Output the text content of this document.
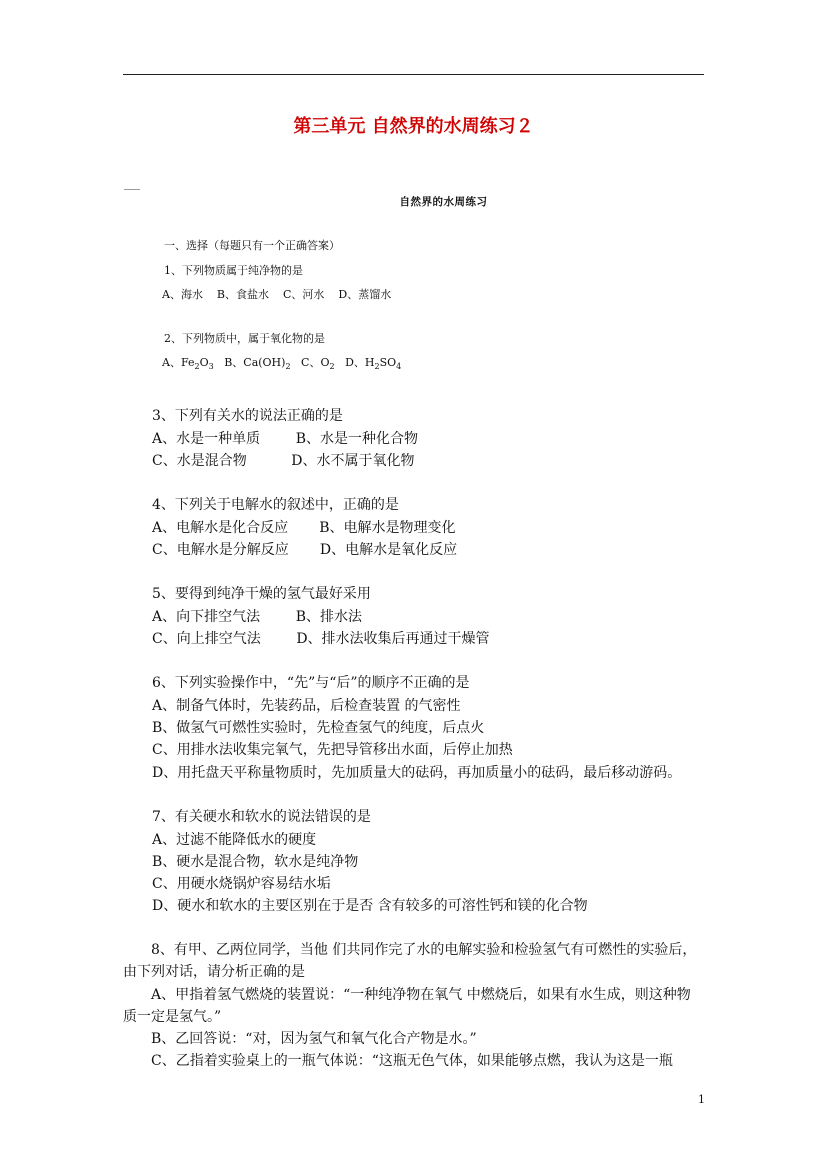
第三单元 自然界的水周练习２
自然界的水周练习
一、选择（每题只有一个正确答案）
1、下列物质属于纯净物的是
A、海水    B、食盐水    C、河水    D、蒸馏水
2、下列物质中，属于氧化物的是
A、$Fe_2O_3$   B、$Ca(OH)_2$   C、$O_2$   D、$H_2SO_4$
3、下列有关水的说法正确的是
A、水是一种单质        B、水是一种化合物
C、水是混合物          D、水不属于氧化物
4、下列关于电解水的叙述中，正确的是
A、电解水是化合反应       B、电解水是物理变化
C、电解水是分解反应       D、电解水是氧化反应
5、要得到纯净干燥的氢气最好采用
A、向下排空气法        B、排水法
C、向上排空气法        D、排水法收集后再通过干燥管
6、下列实验操作中，“先”与“后”的顺序不正确的是
A、制备气体时，先装药品，后检查装置 的气密性
B、做氢气可燃性实验时，先检查氢气的纯度，后点火
C、用排水法收集完氧气，先把导管移出水面，后停止加热
D、用托盘天平称量物质时，先加质量大的砝码，再加质量小的砝码，最后移动游码。
7、有关硬水和软水的说法错误的是
A、过滤不能降低水的硬度
B、硬水是混合物，软水是纯净物
C、用硬水烧锅炉容易结水垢
D、硬水和软水的主要区别在于是否 含有较多的可溶性钙和镁的化合物
8、有甲、乙两位同学，当他 们共同作完了水的电解实验和检验氢气有可燃性的实验后，由下列对话，请分析正确的是
A、甲指着氢气燃烧的装置说：“一种纯净物在氧气 中燃烧后，如果有水生成，则这种物质一定是氢气。”
B、乙回答说：“对，因为氢气和氧气化合产物是水。”
C、乙指着实验桌上的一瓶气体说：“这瓶无色气体，如果能够点燃，我认为这是一瓶
1
